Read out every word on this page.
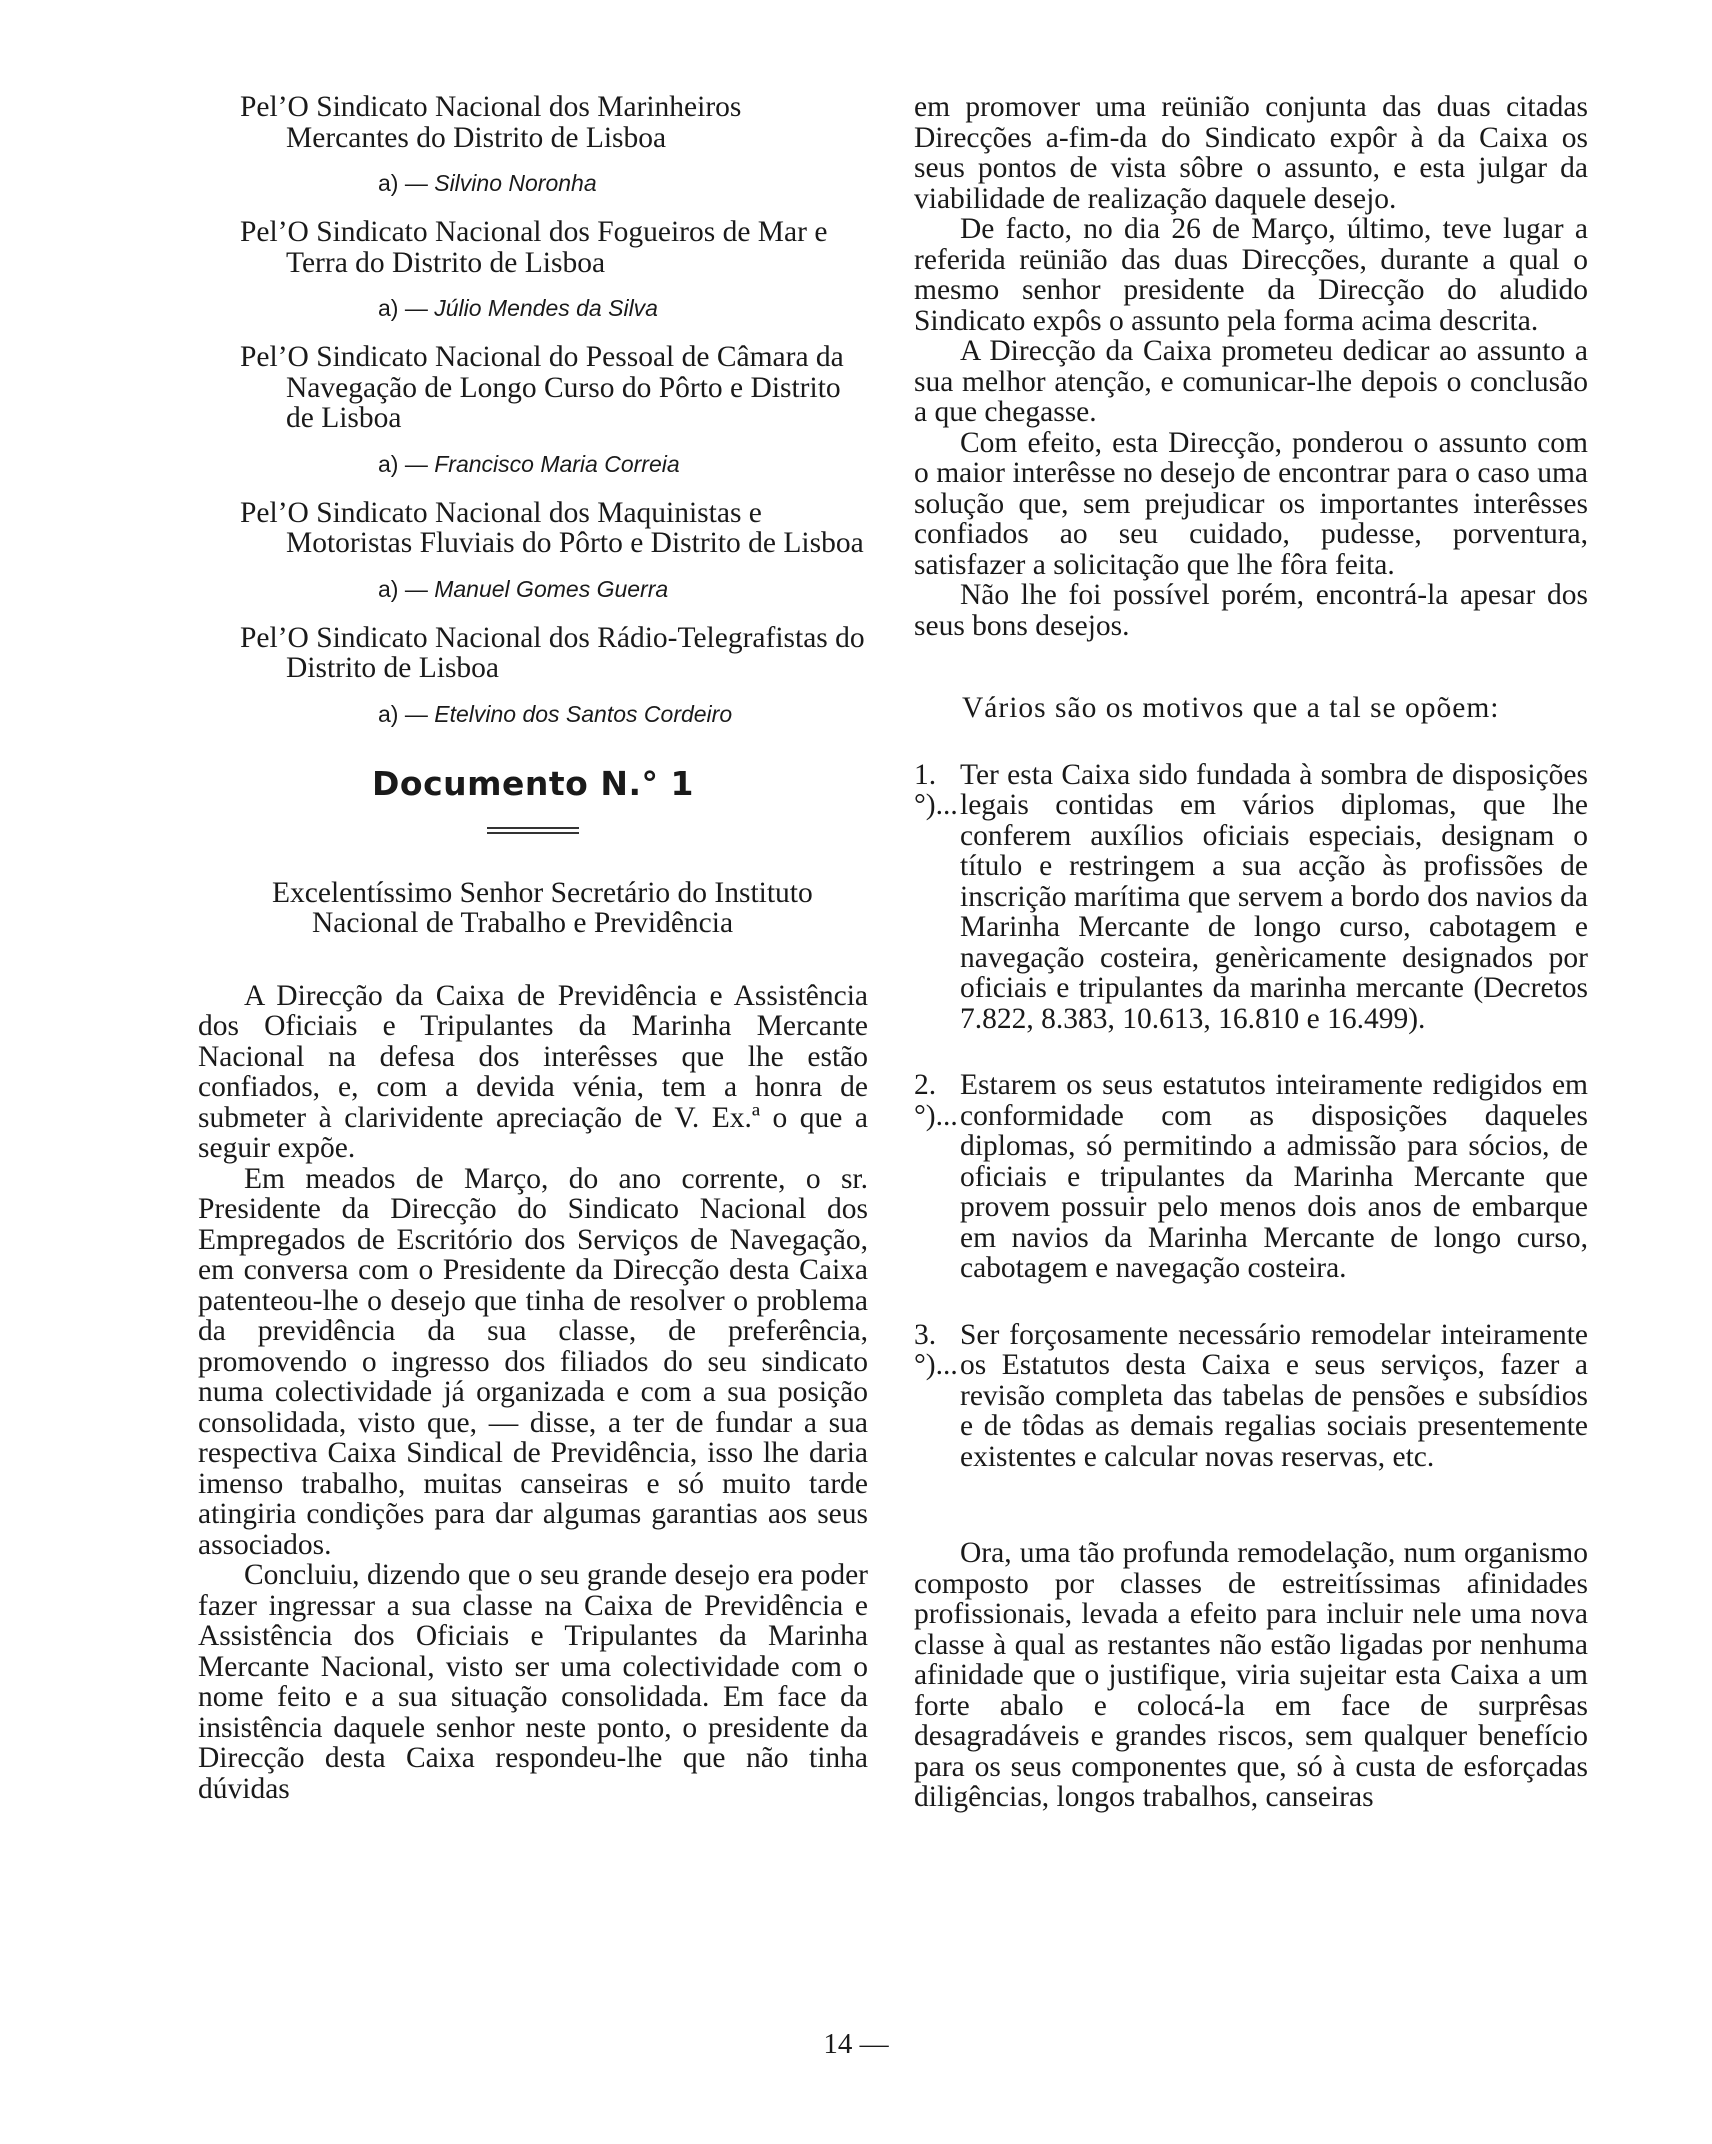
Pel’O Sindicato Nacional dos Marinheiros Mercantes do Distrito de Lisboa

a) — Silvino Noronha

Pel’O Sindicato Nacional dos Fogueiros de Mar e Terra do Distrito de Lisboa

a) — Júlio Mendes da Silva

Pel’O Sindicato Nacional do Pessoal de Câmara da Navegação de Longo Curso do Pôrto e Distrito de Lisboa

a) — Francisco Maria Correia

Pel’O Sindicato Nacional dos Maquinistas e Motoristas Fluviais do Pôrto e Distrito de Lisboa

a) — Manuel Gomes Guerra

Pel’O Sindicato Nacional dos Rádio-Telegrafistas do Distrito de Lisboa

a) — Etelvino dos Santos Cordeiro
Documento N.° 1

Excelentíssimo Senhor Secretário do Instituto Nacional de Trabalho e Previdência

A Direcção da Caixa de Previdência e Assistência dos Oficiais e Tripulantes da Marinha Mercante Nacional na defesa dos interêsses que lhe estão confiados, e, com a devida vénia, tem a honra de submeter à clarividente apreciação de V. Ex.ª o que a seguir expõe.

Em meados de Março, do ano corrente, o sr. Presidente da Direcção do Sindicato Nacional dos Empregados de Escritório dos Serviços de Navegação, em conversa com o Presidente da Direcção desta Caixa patenteou-lhe o desejo que tinha de resolver o problema da previdência da sua classe, de preferência, promovendo o ingresso dos filiados do seu sindicato numa colectividade já organizada e com a sua posição consolidada, visto que, — disse, a ter de fundar a sua respectiva Caixa Sindical de Previdência, isso lhe daria imenso trabalho, muitas canseiras e só muito tarde atingiria condições para dar algumas garantias aos seus associados.

Concluiu, dizendo que o seu grande desejo era poder fazer ingressar a sua classe na Caixa de Previdência e Assistência dos Oficiais e Tripulantes da Marinha Mercante Nacional, visto ser uma colectividade com o nome feito e a sua situação consolidada. Em face da insistência daquele senhor neste ponto, o presidente da Direcção desta Caixa respondeu-lhe que não tinha dúvidas

em promover uma reünião conjunta das duas citadas Direcções a-fim-da do Sindicato expôr à da Caixa os seus pontos de vista sôbre o assunto, e esta julgar da viabilidade de realização daquele desejo.

De facto, no dia 26 de Março, último, teve lugar a referida reünião das duas Direcções, durante a qual o mesmo senhor presidente da Direcção do aludido Sindicato expôs o assunto pela forma acima descrita.

A Direcção da Caixa prometeu dedicar ao assunto a sua melhor atenção, e comunicar-lhe depois o conclusão a que chegasse.

Com efeito, esta Direcção, ponderou o assunto com o maior interêsse no desejo de encontrar para o caso uma solução que, sem prejudicar os importantes interêsses confiados ao seu cuidado, pudesse, porventura, satisfazer a solicitação que lhe fôra feita.

Não lhe foi possível porém, encontrá-la apesar dos seus bons desejos.

Vários são os motivos que a tal se opõem:

1.°)...
Ter esta Caixa sido fundada à sombra de disposições legais contidas em vários diplomas, que lhe conferem auxílios oficiais especiais, designam o título e restringem a sua acção às profissões de inscrição marítima que servem a bordo dos navios da Marinha Mercante de longo curso, cabotagem e navegação costeira, genèricamente designados por oficiais e tripulantes da marinha mercante (Decretos 7.822, 8.383, 10.613, 16.810 e 16.499).
2.°)...
Estarem os seus estatutos inteiramente redigidos em conformidade com as disposições daqueles diplomas, só permitindo a admissão para sócios, de oficiais e tripulantes da Marinha Mercante que provem possuir pelo menos dois anos de embarque em navios da Marinha Mercante de longo curso, cabotagem e navegação costeira.
3.°)...
Ser forçosamente necessário remodelar inteiramente os Estatutos desta Caixa e seus serviços, fazer a revisão completa das tabelas de pensões e subsídios e de tôdas as demais regalias sociais presentemente existentes e calcular novas reservas, etc.

Ora, uma tão profunda remodelação, num organismo composto por classes de estreitíssimas afinidades profissionais, levada a efeito para incluir nele uma nova classe à qual as restantes não estão ligadas por nenhuma afinidade que o justifique, viria sujeitar esta Caixa a um forte abalo e colocá-la em face de surprêsas desagradáveis e grandes riscos, sem qualquer benefício para os seus componentes que, só à custa de esforçadas diligências, longos trabalhos, canseiras

14 —
